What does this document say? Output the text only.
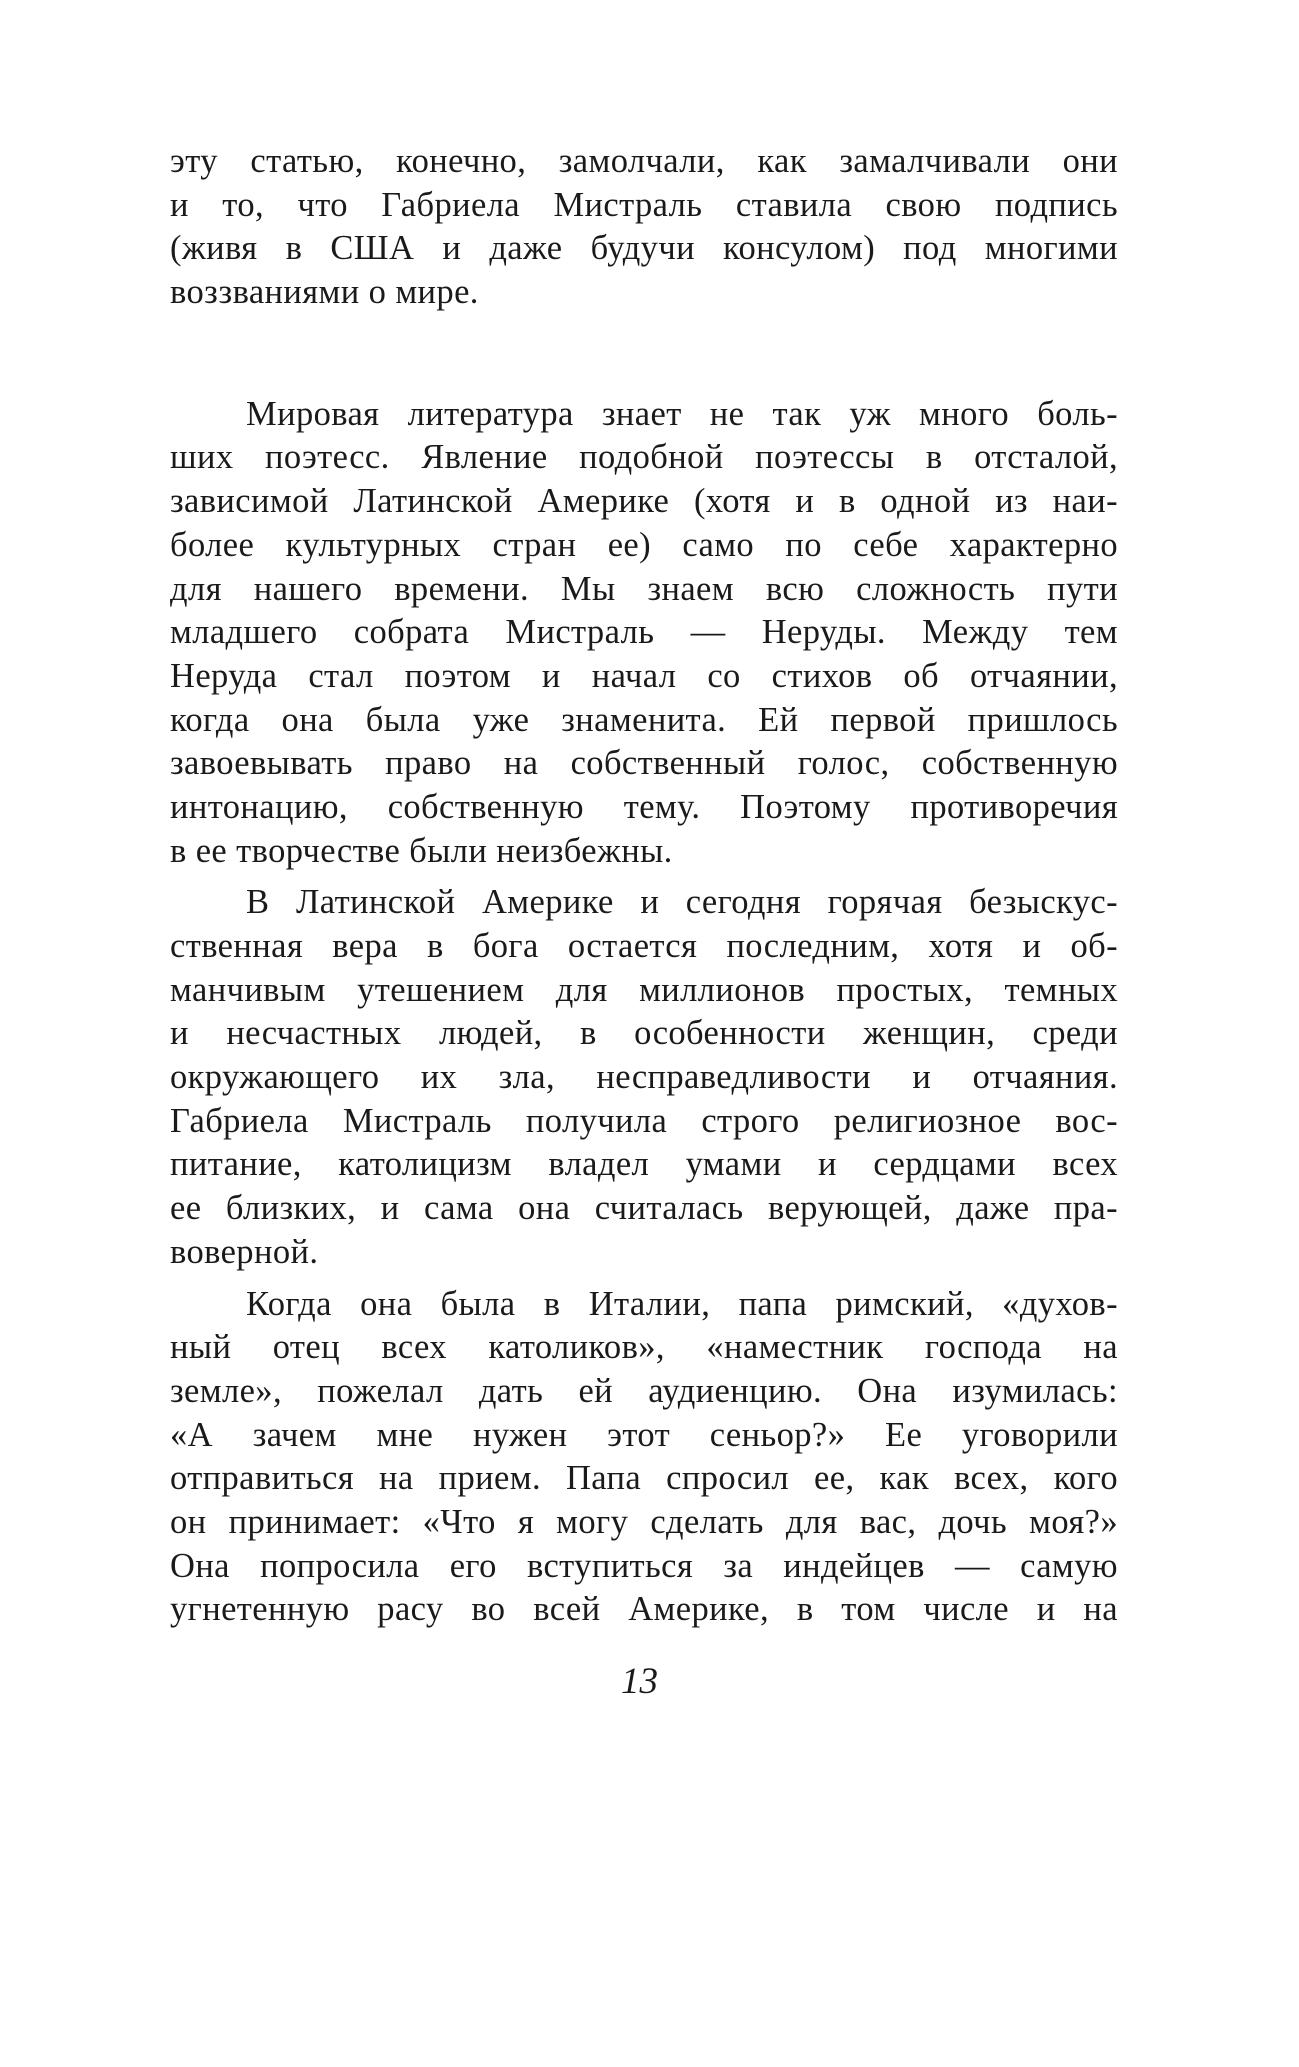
эту статью, конечно, замолчали, как замалчивали они
и то, что Габриела Мистраль ставила свою подпись
(живя в США и даже будучи консулом) под многими
воззваниями о мире.
Мировая литература знает не так уж много боль-
ших поэтесс. Явление подобной поэтессы в отсталой,
зависимой Латинской Америке (хотя и в одной из наи-
более культурных стран ее) само по себе характерно
для нашего времени. Мы знаем всю сложность пути
младшего собрата Мистраль — Неруды. Между тем
Неруда стал поэтом и начал со стихов об отчаянии,
когда она была уже знаменита. Ей первой пришлось
завоевывать право на собственный голос, собственную
интонацию, собственную тему. Поэтому противоречия
в ее творчестве были неизбежны.
В Латинской Америке и сегодня горячая безыскус-
ственная вера в бога остается последним, хотя и об-
манчивым утешением для миллионов простых, темных
и несчастных людей, в особенности женщин, среди
окружающего их зла, несправедливости и отчаяния.
Габриела Мистраль получила строго религиозное вос-
питание, католицизм владел умами и сердцами всех
ее близких, и сама она считалась верующей, даже пра-
воверной.
Когда она была в Италии, папа римский, «духов-
ный отец всех католиков», «наместник господа на
земле», пожелал дать ей аудиенцию. Она изумилась:
«А зачем мне нужен этот сеньор?» Ее уговорили
отправиться на прием. Папа спросил ее, как всех, кого
он принимает: «Что я могу сделать для вас, дочь моя?»
Она попросила его вступиться за индейцев — самую
угнетенную расу во всей Америке, в том числе и на
13
